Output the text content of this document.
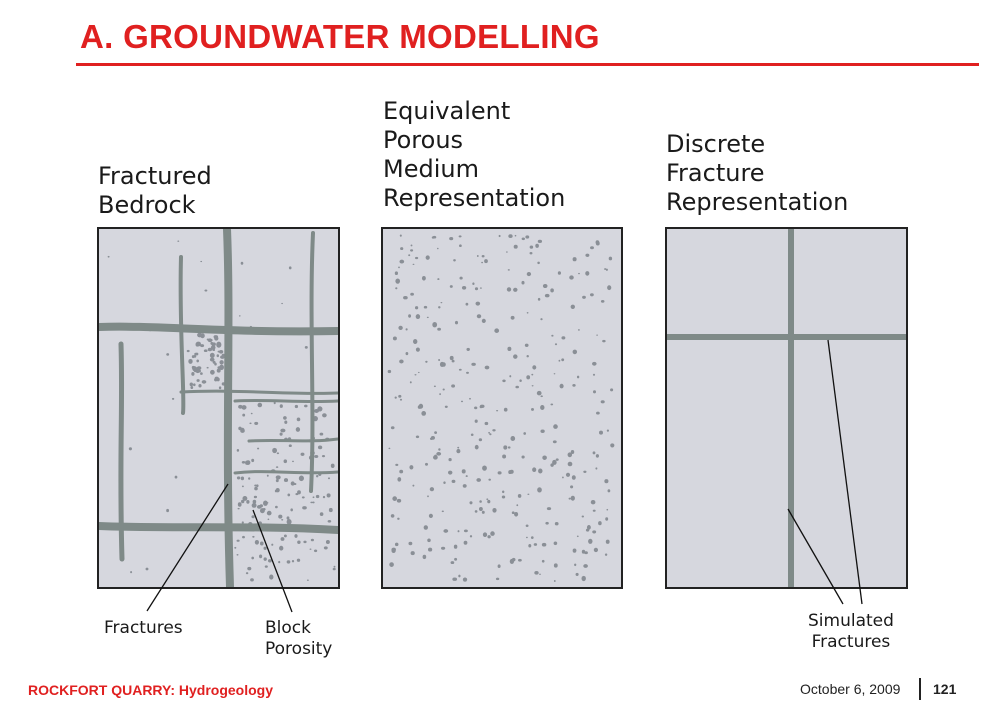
A. GROUNDWATER MODELLING
Fractured
Bedrock
Equivalent
Porous
Medium
Representation
Discrete
Fracture
Representation
Fractures	Block
Porosity
Simulated
Fractures
ROCKFORT QUARRY: Hydrogeology	October 6, 2009 121
